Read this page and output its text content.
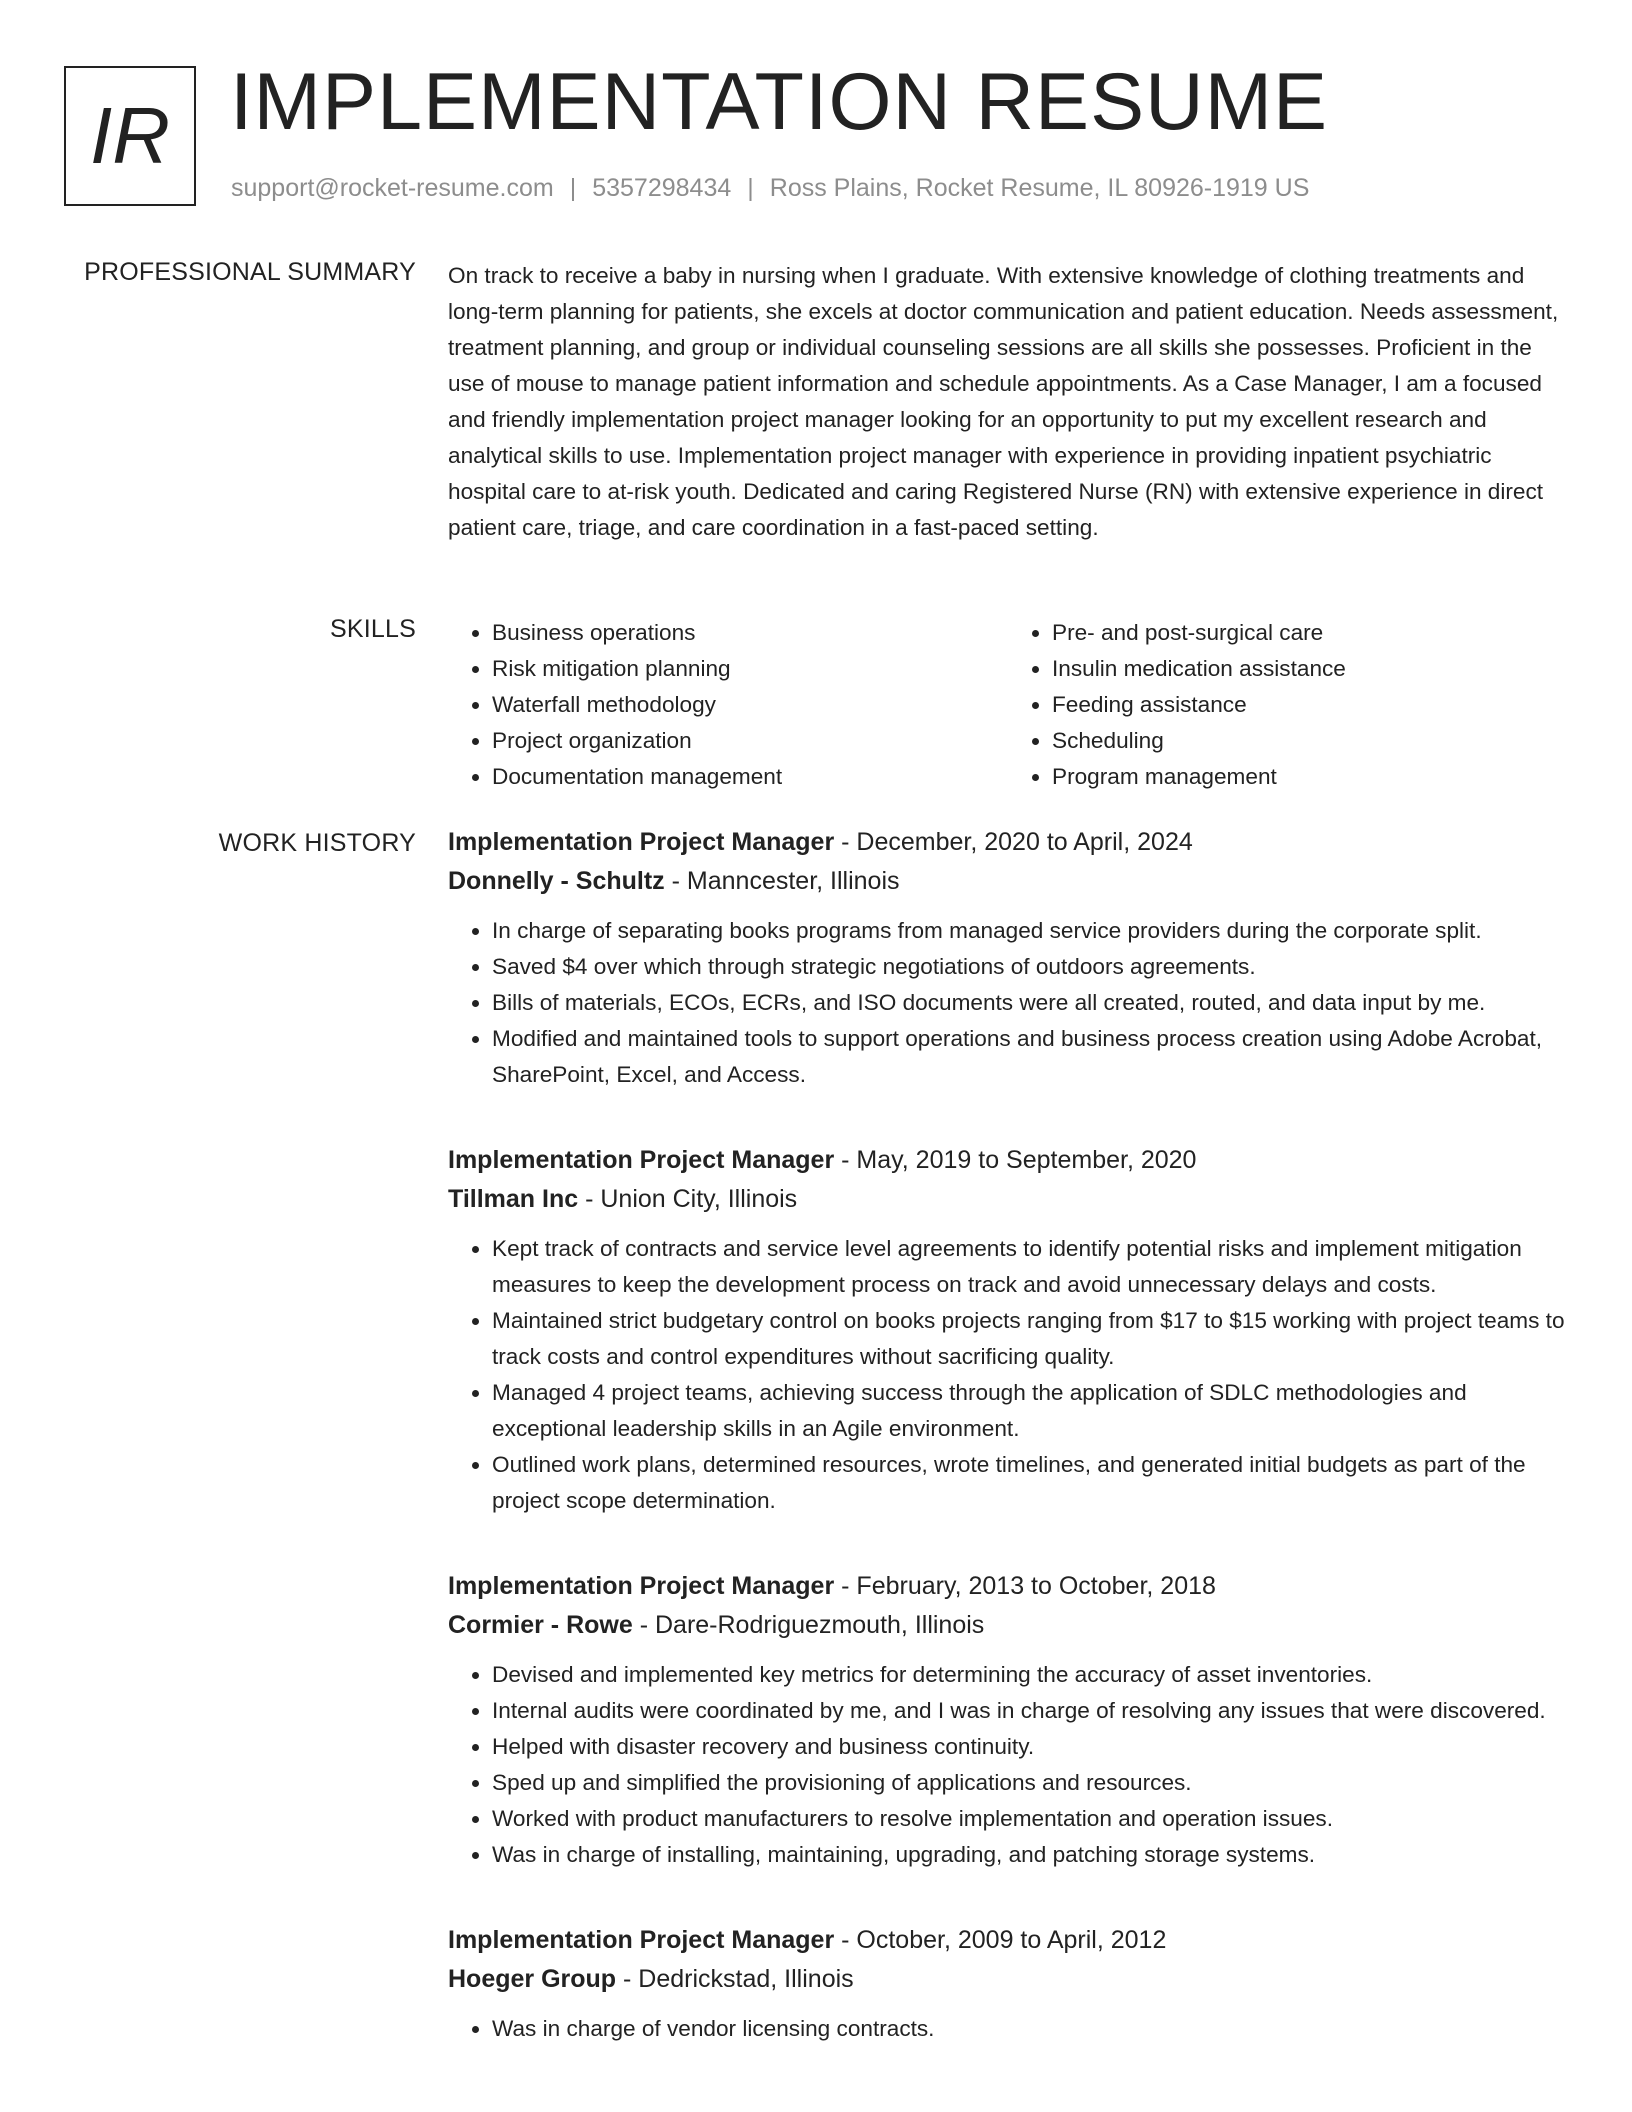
IR IMPLEMENTATION RESUME
support@rocket-resume.com | 5357298434 | Ross Plains, Rocket Resume, IL 80926-1919 US
PROFESSIONAL SUMMARY On track to receive a baby in nursing when I graduate. With extensive knowledge of clothing treatments and long-term planning for patients, she excels at doctor communication and patient education. Needs assessment, treatment planning, and group or individual counseling sessions are all skills she possesses. Proficient in the use of mouse to manage patient information and schedule appointments. As a Case Manager, I am a focused and friendly implementation project manager looking for an opportunity to put my excellent research and analytical skills to use. Implementation project manager with experience in providing inpatient psychiatric hospital care to at-risk youth. Dedicated and caring Registered Nurse (RN) with extensive experience in direct patient care, triage, and care coordination in a fast-paced setting.

SKILLS
•	Business operations
• Risk mitigation planning
• Waterfall methodology
• Project organization
• Documentation management
• Pre- and post-surgical care
• Insulin medication assistance
• Feeding assistance
• Scheduling
• Program management
WORK HISTORY Implementation Project Manager - December, 2020 to April, 2024
Donnelly - Schultz - Manncester, Illinois
• In charge of separating books programs from managed service providers during the corporate split.
• Saved $4 over which through strategic negotiations of outdoors agreements.
• Bills of materials, ECOs, ECRs, and ISO documents were all created, routed, and data input by me.
• Modified and maintained tools to support operations and business process creation using Adobe Acrobat, SharePoint, Excel, and Access.
Implementation Project Manager - May, 2019 to September, 2020
Tillman Inc - Union City, Illinois
• Kept track of contracts and service level agreements to identify potential risks and implement mitigation measures to keep the development process on track and avoid unnecessary delays and costs.
• Maintained strict budgetary control on books projects ranging from $17 to $15 working with project teams to track costs and control expenditures without sacrificing quality.
• Managed 4 project teams, achieving success through the application of SDLC methodologies and exceptional leadership skills in an Agile environment.
• Outlined work plans, determined resources, wrote timelines, and generated initial budgets as part of the project scope determination.
Implementation Project Manager - February, 2013 to October, 2018
Cormier - Rowe - Dare-Rodriguezmouth, Illinois
• Devised and implemented key metrics for determining the accuracy of asset inventories.
• Internal audits were coordinated by me, and I was in charge of resolving any issues that were discovered.
• Helped with disaster recovery and business continuity.
• Sped up and simplified the provisioning of applications and resources.
• Worked with product manufacturers to resolve implementation and operation issues.
• Was in charge of installing, maintaining, upgrading, and patching storage systems.
Implementation Project Manager - October, 2009 to April, 2012
Hoeger Group - Dedrickstad, Illinois
• Was in charge of vendor licensing contracts.
